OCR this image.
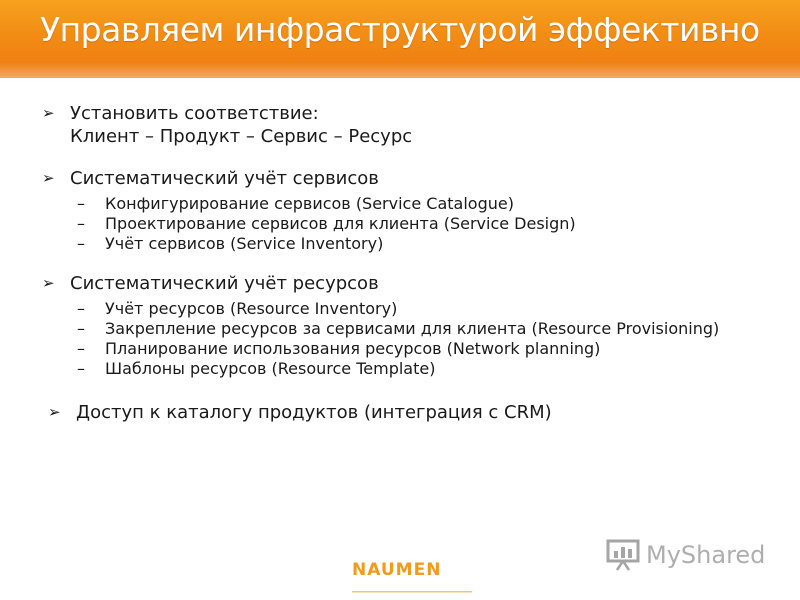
Управляем инфраструктурой эффективно
➢ Установить соответствие:
Клиент – Продукт – Сервис – Ресурс
➢ Систематический учёт сервисов
– Конфигурирование сервисов (Service Catalogue)
– Проектирование сервисов для клиента (Service Design)
– Учёт сервисов (Service Inventory)
➢ Систематический учёт ресурсов
– Учёт ресурсов (Resource Inventory)
– Закрепление ресурсов за сервисами для клиента (Resource Provisioning)
– Планирование использования ресурсов (Network planning)
– Шаблоны ресурсов (Resource Template)
➢ Доступ к каталогу продуктов (интеграция с CRM)
NAUMEN
MyShared
